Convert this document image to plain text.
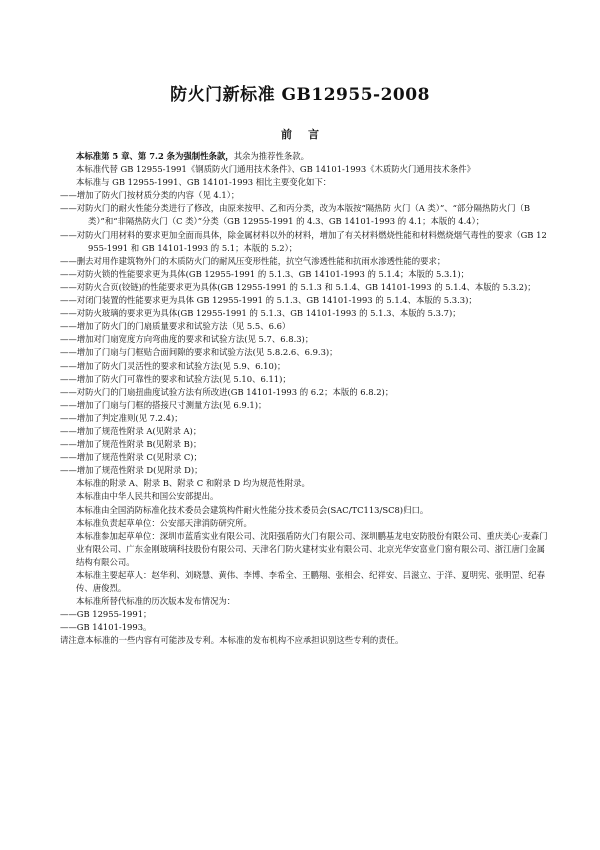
防火门新标准 GB12955-2008
前言
本标准第 5 章、第 7.2 条为强制性条款，其余为推荐性条款。
本标准代替 GB 12955-1991《钢质防火门通用技术条件》、GB 14101-1993《木质防火门通用技术条件》
本标准与 GB 12955-1991、GB 14101-1993 相比主要变化如下：
——增加了防火门按材质分类的内容（见 4.1）；
——对防火门的耐火性能分类进行了修改，由原来按甲、乙和丙分类，改为本版按“隔热防 火门（A 类）”、“部分隔热防火门（B 类）”和“非隔热防火门（C 类）”分类（GB 12955-1991 的 4.3、GB 14101-1993 的 4.1；本版的 4.4）；
——对防火门用材料的要求更加全面而具体，除金属材料以外的材料，增加了有关材料燃烧性能和材料燃烧烟气毒性的要求（GB 12955-1991 和 GB 14101-1993 的 5.1；本版的 5.2）；
——删去对用作建筑物外门的木质防火门的耐风压变形性能，抗空气渗透性能和抗雨水渗透性能的要求；
——对防火锁的性能要求更为具体(GB 12955-1991 的 5.1.3、GB 14101-1993 的 5.1.4；本版的 5.3.1)；
——对防火合页(铰链)的性能要求更为具体(GB 12955-1991 的 5.1.3 和 5.1.4、GB 14101-1993 的 5.1.4、本版的 5.3.2)；
——对闭门装置的性能要求更为具体 GB 12955-1991 的 5.1.3、GB 14101-1993 的 5.1.4、本版的 5.3.3)；
——对防火玻璃的要求更为具体(GB 12955-1991 的 5.1.3、GB 14101-1993 的 5.1.3、本版的 5.3.7)；
——增加了防火门的门扇质量要求和试验方法（见 5.5、6.6）
——增加对门扇宽度方向弯曲度的要求和试验方法(见 5.7、6.8.3)；
——增加了门扇与门框贴合面间隙的要求和试验方法(见 5.8.2.6、6.9.3)；
——增加了防火门灵活性的要求和试验方法(见 5.9、6.10)；
——增加了防火门可靠性的要求和试验方法(见 5.10、6.11)；
——对防火门的门扇扭曲度试验方法有所改进(GB 14101-1993 的 6.2；本版的 6.8.2)；
——增加了门扇与门框的搭接尺寸测量方法(见 6.9.1)；
——增加了判定准则(见 7.2.4)；
——增加了规范性附录 A(见附录 A)；
——增加了规范性附录 B(见附录 B)；
——增加了规范性附录 C(见附录 C)；
——增加了规范性附录 D(见附录 D)；
本标准的附录 A、附录 B、附录 C 和附录 D 均为规范性附录。
本标准由中华人民共和国公安部提出。
本标准由全国消防标准化技术委员会建筑构件耐火性能分技术委员会(SAC/TC113/SC8)归口。
本标准负责起草单位：公安部天津消防研究所。
本标准参加起草单位：深圳市蓝盾实业有限公司、沈阳强盾防火门有限公司、深圳鹏基龙电安防股份有限公司、重庆美心·麦森门业有限公司、广东金刚玻璃科技股份有限公司、天津名门防火建材实业有限公司、北京光华安富业门窗有限公司、浙江唐门金属结构有限公司。
本标准主要起草人：赵华利、刘晓慧、黄伟、李博、李希全、王鹏翔、张相会、纪祥安、吕滋立、于洋、夏明宪、张明罡、纪春传、唐俊烈。
本标准所替代标准的历次版本发布情况为：
——GB 12955-1991；
——GB 14101-1993。
请注意本标准的一些内容有可能涉及专利。本标准的发布机构不应承担识别这些专利的责任。
